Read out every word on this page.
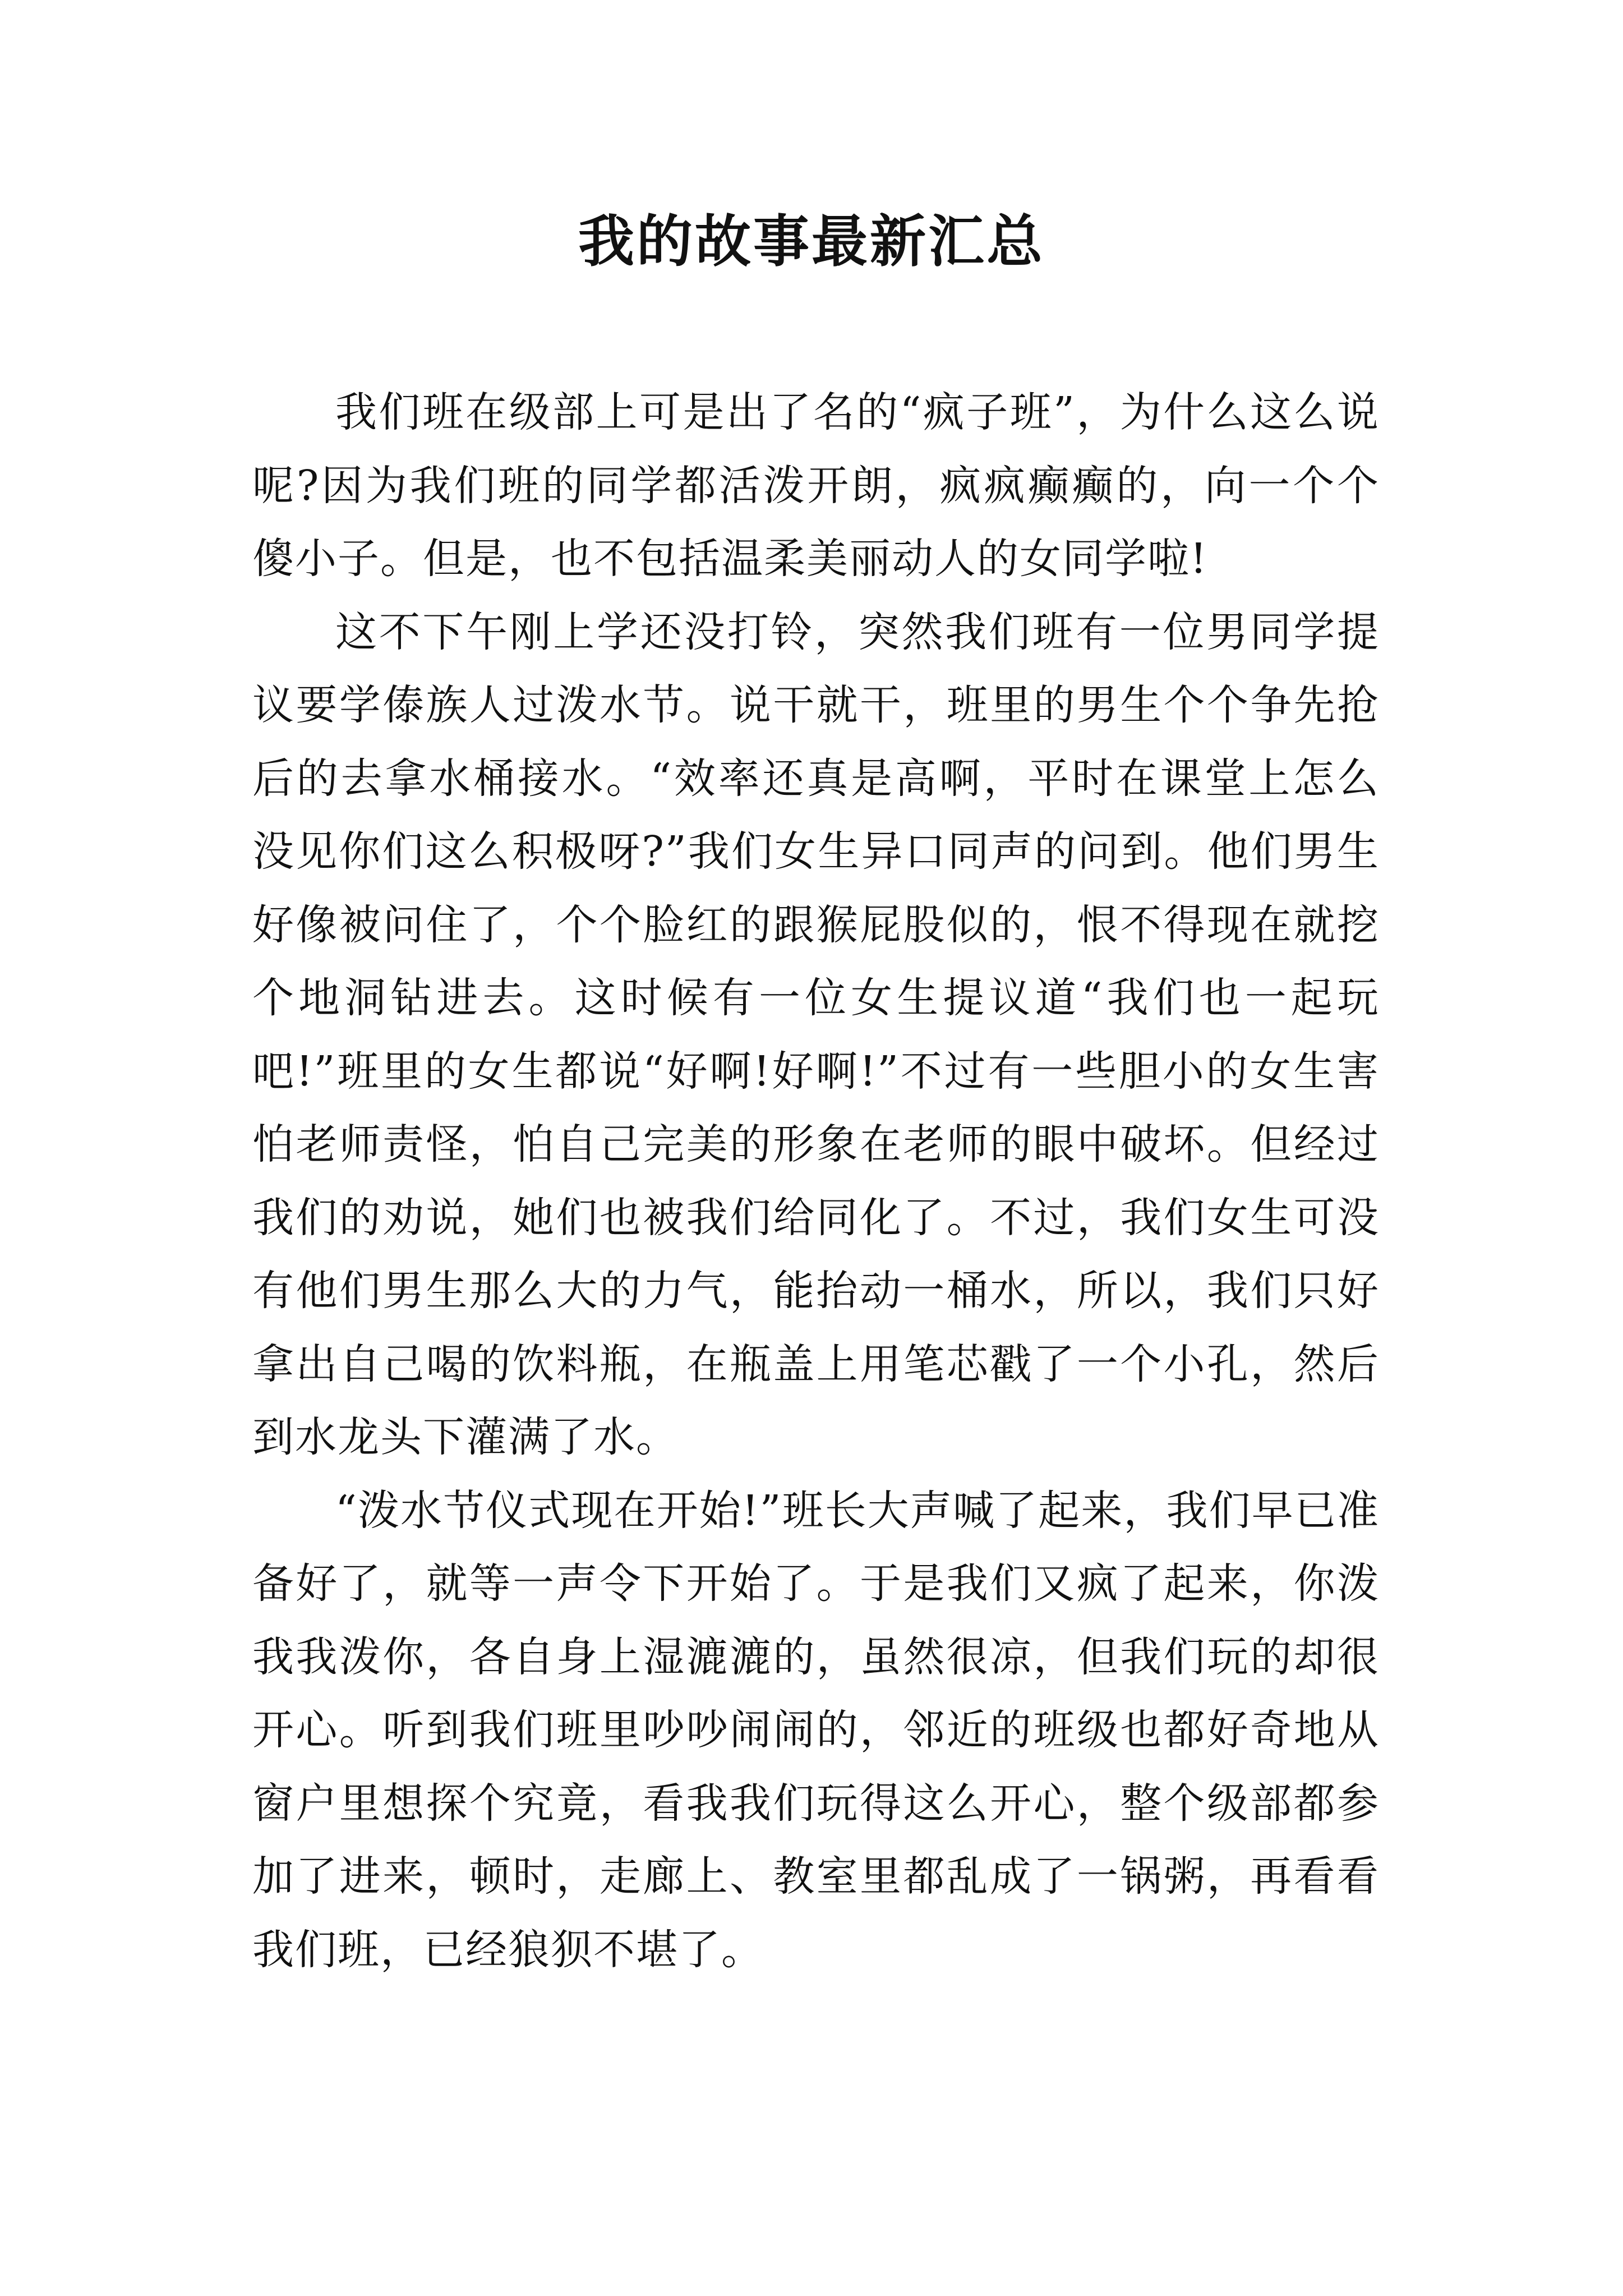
我的故事最新汇总

我们班在级部上可是出了名的“疯子班”，为什么这么说呢?因为我们班的同学都活泼开朗，疯疯癫癫的，向一个个傻小子。但是，也不包括温柔美丽动人的女同学啦!

这不下午刚上学还没打铃，突然我们班有一位男同学提议要学傣族人过泼水节。说干就干，班里的男生个个争先抢后的去拿水桶接水。“效率还真是高啊，平时在课堂上怎么没见你们这么积极呀?”我们女生异口同声的问到。他们男生好像被问住了，个个脸红的跟猴屁股似的，恨不得现在就挖个地洞钻进去。这时候有一位女生提议道“我们也一起玩吧!”班里的女生都说“好啊!好啊!”不过有一些胆小的女生害怕老师责怪，怕自己完美的形象在老师的眼中破坏。但经过我们的劝说，她们也被我们给同化了。不过，我们女生可没有他们男生那么大的力气，能抬动一桶水，所以，我们只好拿出自己喝的饮料瓶，在瓶盖上用笔芯戳了一个小孔，然后到水龙头下灌满了水。

“泼水节仪式现在开始!”班长大声喊了起来，我们早已准备好了，就等一声令下开始了。于是我们又疯了起来，你泼我我泼你，各自身上湿漉漉的，虽然很凉，但我们玩的却很开心。听到我们班里吵吵闹闹的，邻近的班级也都好奇地从窗户里想探个究竟，看我我们玩得这么开心，整个级部都参加了进来，顿时，走廊上、教室里都乱成了一锅粥，再看看我们班，已经狼狈不堪了。
